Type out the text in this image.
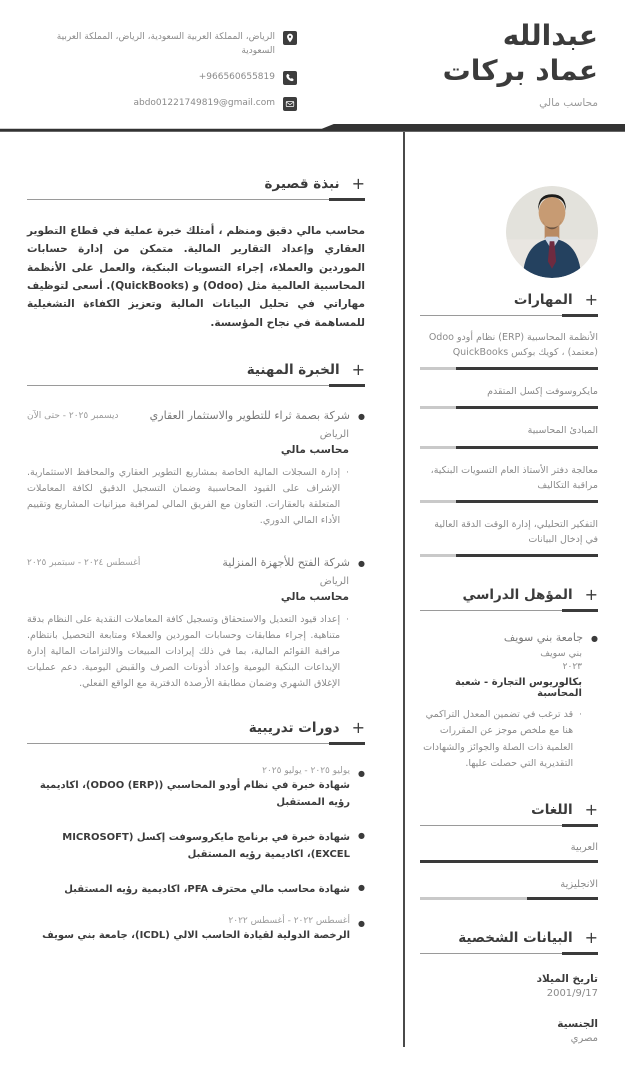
عبدالله
عماد بركات
محاسب مالي
الرياض، المملكة العربية السعودية، الرياض، المملكة العربية السعودية
+966560655819
abdo01221749819@gmail.com
+
المهارات
الأنظمة المحاسبية (ERP) نظام أودو Odoo (معتمد) ، كويك بوكس QuickBooks
مايكروسوفت إكسل المتقدم
المبادئ المحاسبية
معالجة دفتر الأستاذ العام التسويات البنكية، مراقبة التكاليف
التفكير التحليلي، إدارة الوقت الدقة العالية في إدخال البيانات
+
المؤهل الدراسي
●
جامعة بني سويف
بني سويف
٢٠٢٣
بكالوريوس التجارة - شعبة المحاسبة
·
قد ترغب في تضمين المعدل التراكمي هنا مع ملخص موجز عن المقررات العلمية ذات الصلة والجوائز والشهادات التقديرية التي حصلت عليها.
+
اللغات
العربية
الانجليزية
+
البيانات الشخصية
تاريخ الميلاد
2001/9/17
الجنسية
مصري
+
نبذة قصيرة
محاسب مالي دقيق ومنظم ، أمتلك خبرة عملية في قطاع التطوير العقاري وإعداد التقارير المالية. متمكن من إدارة حسابات الموردين والعملاء، إجراء التسويات البنكية، والعمل على الأنظمة المحاسبية العالمية مثل (Odoo) و (QuickBooks). أسعى لتوظيف مهاراتي في تحليل البيانات المالية وتعزيز الكفاءة التشغيلية للمساهمة في نجاح المؤسسة.
+
الخبرة المهنية
●
شركة بصمة ثراء للتطوير والاستثمار العقاري
ديسمبر ٢٠٢٥ - حتى الآن
الرياض
محاسب مالي
·
إدارة السجلات المالية الخاصة بمشاريع التطوير العقاري والمحافظ الاستثمارية. الإشراف على القيود المحاسبية وضمان التسجيل الدقيق لكافة المعاملات المتعلقة بالعقارات. التعاون مع الفريق المالي لمراقبة ميزانيات المشاريع وتقييم الأداء المالي الدوري.
●
شركة الفتح للأجهزة المنزلية
أغسطس ٢٠٢٤ - سبتمبر ٢٠٢٥
الرياض
محاسب مالي
·
إعداد قيود التعديل والاستحقاق وتسجيل كافة المعاملات النقدية على النظام بدقة متناهية. إجراء مطابقات وحسابات الموردين والعملاء ومتابعة التحصيل بانتظام. مراقبة القوائم المالية، بما في ذلك إيرادات المبيعات والالتزامات المالية إدارة الإيداعات البنكية اليومية وإعداد أذونات الصرف والقبض اليومية. دعم عمليات الإغلاق الشهري وضمان مطابقة الأرصدة الدفترية مع الواقع الفعلي.
+
دورات تدريبية
●
يوليو ٢٠٢٥ - يوليو ٢٠٢٥
شهادة خبرة في نظام أودو المحاسبي (ODOO (ERP))، اكاديمية رؤيه المستقبل
●
شهادة خبرة في برنامج مايكروسوفت إكسل (MICROSOFT EXCEL)، اكاديمية رؤيه المستقبل
●
شهادة محاسب مالي محترف PFA، اكاديمية رؤيه المستقبل
●
أغسطس ٢٠٢٢ - أغسطس ٢٠٢٢
الرخصة الدولية لقيادة الحاسب الالي (ICDL)، جامعة بني سويف
